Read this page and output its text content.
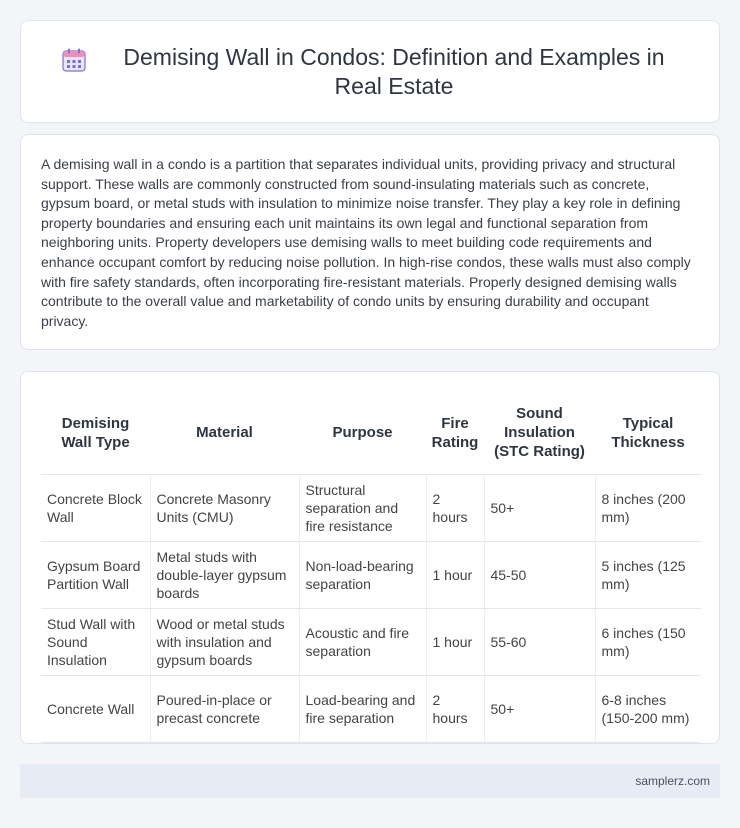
Demising Wall in Condos: Definition and Examples in Real Estate

A demising wall in a condo is a partition that separates individual units, providing privacy and structural support. These walls are commonly constructed from sound-insulating materials such as concrete, gypsum board, or metal studs with insulation to minimize noise transfer. They play a key role in defining property boundaries and ensuring each unit maintains its own legal and functional separation from neighboring units. Property developers use demising walls to meet building code requirements and enhance occupant comfort by reducing noise pollution. In high-rise condos, these walls must also comply with fire safety standards, often incorporating fire-resistant materials. Properly designed demising walls contribute to the overall value and marketability of condo units by ensuring durability and occupant privacy.

Demising Wall Type	Material	Purpose	Fire Rating	Sound Insulation (STC Rating)	Typical Thickness
Concrete Block Wall	Concrete Masonry Units (CMU)	Structural separation and fire resistance	2 hours	50+	8 inches (200 mm)
Gypsum Board Partition Wall	Metal studs with double-layer gypsum boards	Non-load-bearing separation	1 hour	45-50	5 inches (125 mm)
Stud Wall with Sound Insulation	Wood or metal studs with insulation and gypsum boards	Acoustic and fire separation	1 hour	55-60	6 inches (150 mm)
Concrete Wall	Poured-in-place or precast concrete	Load-bearing and fire separation	2 hours	50+	6-8 inches (150-200 mm)
samplerz.com
